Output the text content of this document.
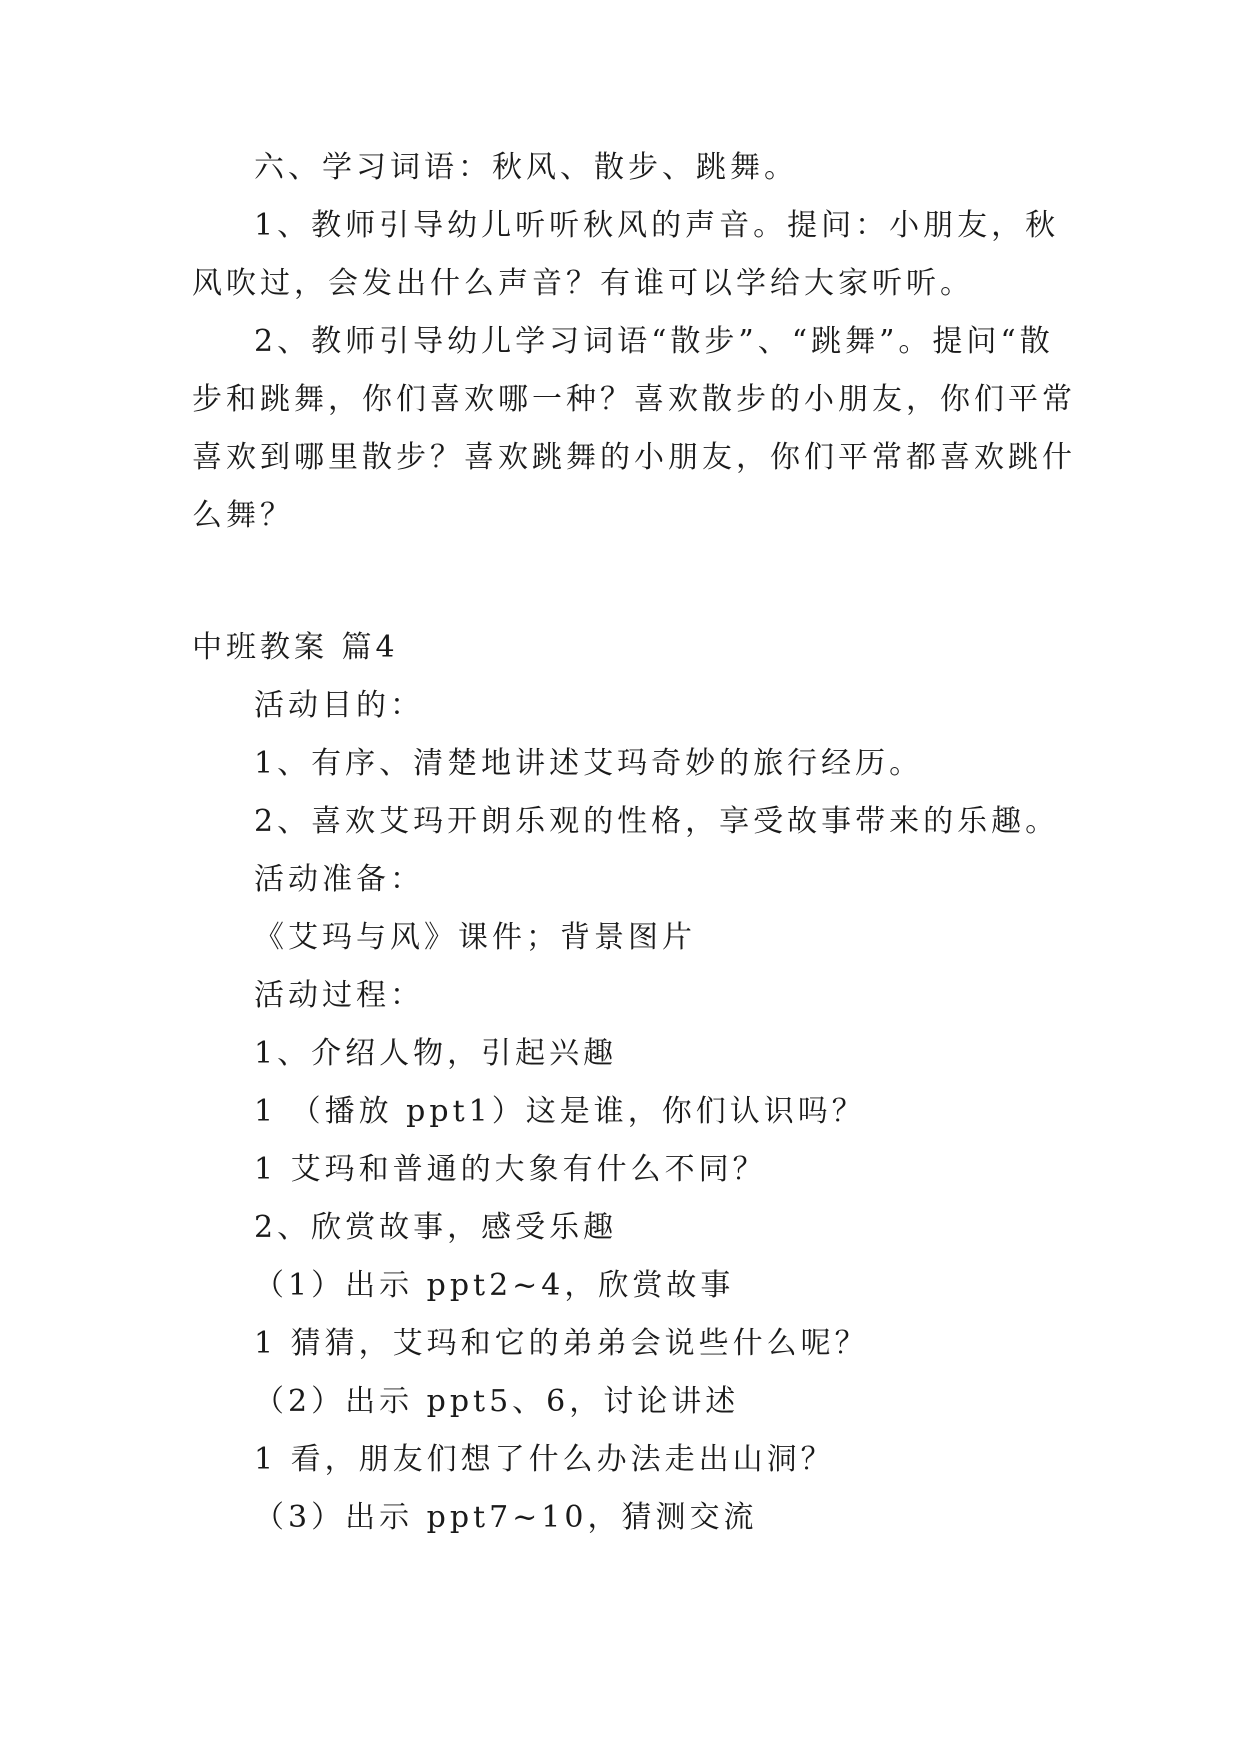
六、学习词语：秋风、散步、跳舞。
1、教师引导幼儿听听秋风的声音。提问：小朋友，秋
风吹过，会发出什么声音？有谁可以学给大家听听。
2、教师引导幼儿学习词语“散步”、“跳舞”。提问“散
步和跳舞，你们喜欢哪一种？喜欢散步的小朋友，你们平常
喜欢到哪里散步？喜欢跳舞的小朋友，你们平常都喜欢跳什
么舞？
中班教案 篇4
活动目的：
1、有序、清楚地讲述艾玛奇妙的旅行经历。
2、喜欢艾玛开朗乐观的性格，享受故事带来的乐趣。
活动准备：
《艾玛与风》课件；背景图片
活动过程：
1、介绍人物，引起兴趣
1 （播放 ppt1）这是谁，你们认识吗？
1 艾玛和普通的大象有什么不同？
2、欣赏故事，感受乐趣
（1）出示 ppt2~4，欣赏故事
1 猜猜，艾玛和它的弟弟会说些什么呢？
（2）出示 ppt5、6，讨论讲述
1 看，朋友们想了什么办法走出山洞？
（3）出示 ppt7~10，猜测交流
